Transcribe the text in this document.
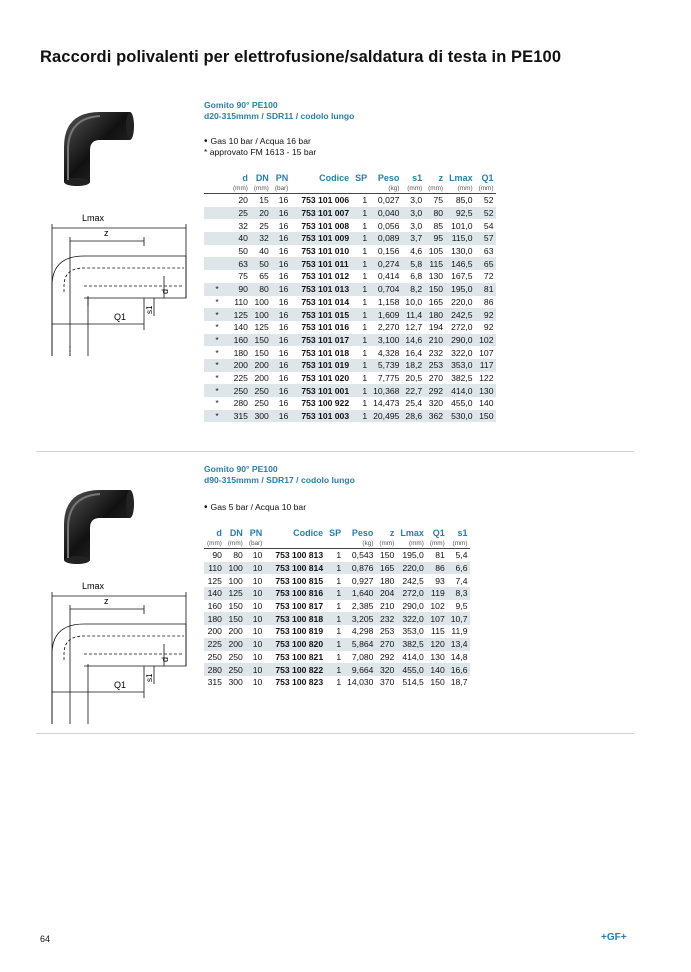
Raccordi polivalenti per elettrofusione/saldatura di testa in PE100
Gomito 90° PE100
d20-315mmm / SDR11 / codolo lungo
• Gas 10 bar / Acqua 16 bar
* approvato FM 1613 - 15 bar
Lmax
z
d
s1
Q1
	d	DN	PN	Codice	SP	Peso	s1	z	Lmax	Q1
	(mm)	(mm)	(bar)			(kg)	(mm)	(mm)	(mm)	(mm)
	20	15	16	753 101 006	1	0,027	3,0	75	85,0	52
	25	20	16	753 101 007	1	0,040	3,0	80	92,5	52
	32	25	16	753 101 008	1	0,056	3,0	85	101,0	54
	40	32	16	753 101 009	1	0,089	3,7	95	115,0	57
	50	40	16	753 101 010	1	0,156	4,6	105	130,0	63
	63	50	16	753 101 011	1	0,274	5,8	115	146,5	65
	75	65	16	753 101 012	1	0,414	6,8	130	167,5	72
*	90	80	16	753 101 013	1	0,704	8,2	150	195,0	81
*	110	100	16	753 101 014	1	1,158	10,0	165	220,0	86
*	125	100	16	753 101 015	1	1,609	11,4	180	242,5	92
*	140	125	16	753 101 016	1	2,270	12,7	194	272,0	92
*	160	150	16	753 101 017	1	3,100	14,6	210	290,0	102
*	180	150	16	753 101 018	1	4,328	16,4	232	322,0	107
*	200	200	16	753 101 019	1	5,739	18,2	253	353,0	117
*	225	200	16	753 101 020	1	7,775	20,5	270	382,5	122
*	250	250	16	753 101 001	1	10,368	22,7	292	414,0	130
*	280	250	16	753 100 922	1	14,473	25,4	320	455,0	140
*	315	300	16	753 101 003	1	20,495	28,6	362	530,0	150
Gomito 90° PE100
d90-315mmm / SDR17 / codolo lungo
• Gas 5 bar / Acqua 10 bar
Lmax
z
d
s1
Q1
d	DN	PN	Codice	SP	Peso	z	Lmax	Q1	s1
(mm)	(mm)	(bar)			(kg)	(mm)	(mm)	(mm)	(mm)
90	80	10	753 100 813	1	0,543	150	195,0	81	5,4
110	100	10	753 100 814	1	0,876	165	220,0	86	6,6
125	100	10	753 100 815	1	0,927	180	242,5	93	7,4
140	125	10	753 100 816	1	1,640	204	272,0	119	8,3
160	150	10	753 100 817	1	2,385	210	290,0	102	9,5
180	150	10	753 100 818	1	3,205	232	322,0	107	10,7
200	200	10	753 100 819	1	4,298	253	353,0	115	11,9
225	200	10	753 100 820	1	5,864	270	382,5	120	13,4
250	250	10	753 100 821	1	7,080	292	414,0	130	14,8
280	250	10	753 100 822	1	9,664	320	455,0	140	16,6
315	300	10	753 100 823	1	14,030	370	514,5	150	18,7
64	+GF+
